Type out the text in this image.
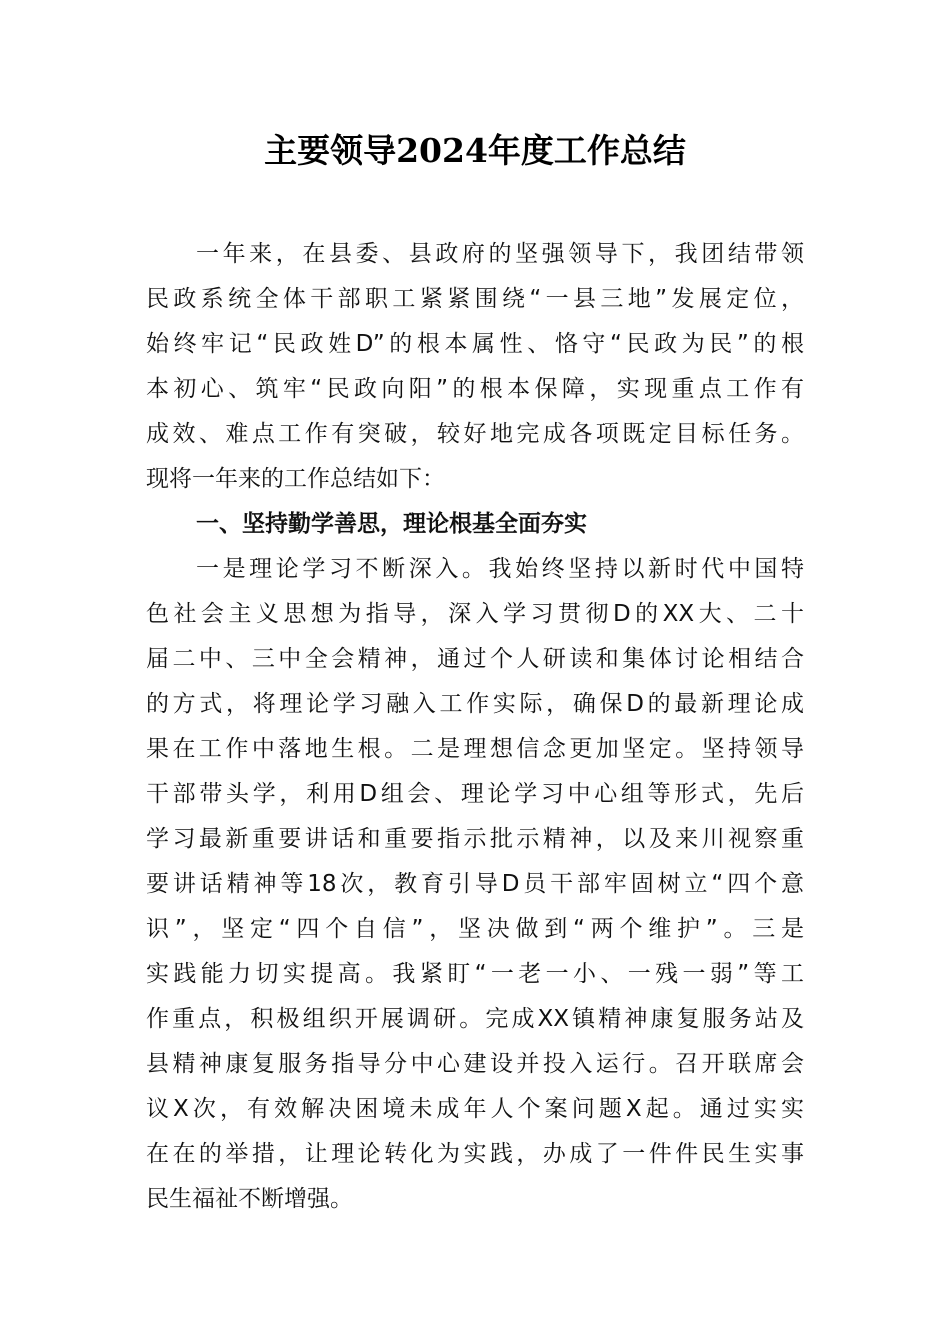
主要领导2024年度工作总结
一年来，在县委、县政府的坚强领导下，我团结带领
民政系统全体干部职工紧紧围绕“一县三地”发展定位，
始终牢记“民政姓D”的根本属性、恪守“民政为民”的根
本初心、筑牢“民政向阳”的根本保障，实现重点工作有
成效、难点工作有突破，较好地完成各项既定目标任务。
现将一年来的工作总结如下：
一、坚持勤学善思，理论根基全面夯实
一是理论学习不断深入。我始终坚持以新时代中国特
色社会主义思想为指导，深入学习贯彻D的XX大、二十
届二中、三中全会精神，通过个人研读和集体讨论相结合
的方式，将理论学习融入工作实际，确保D的最新理论成
果在工作中落地生根。二是理想信念更加坚定。坚持领导
干部带头学，利用D组会、理论学习中心组等形式，先后
学习最新重要讲话和重要指示批示精神，以及来川视察重
要讲话精神等18次，教育引导D员干部牢固树立“四个意
识”，坚定“四个自信”，坚决做到“两个维护”。三是
实践能力切实提高。我紧盯“一老一小、一残一弱”等工
作重点，积极组织开展调研。完成XX镇精神康复服务站及
县精神康复服务指导分中心建设并投入运行。召开联席会
议X次，有效解决困境未成年人个案问题X起。通过实实
在在的举措，让理论转化为实践，办成了一件件民生实事
民生福祉不断增强。
